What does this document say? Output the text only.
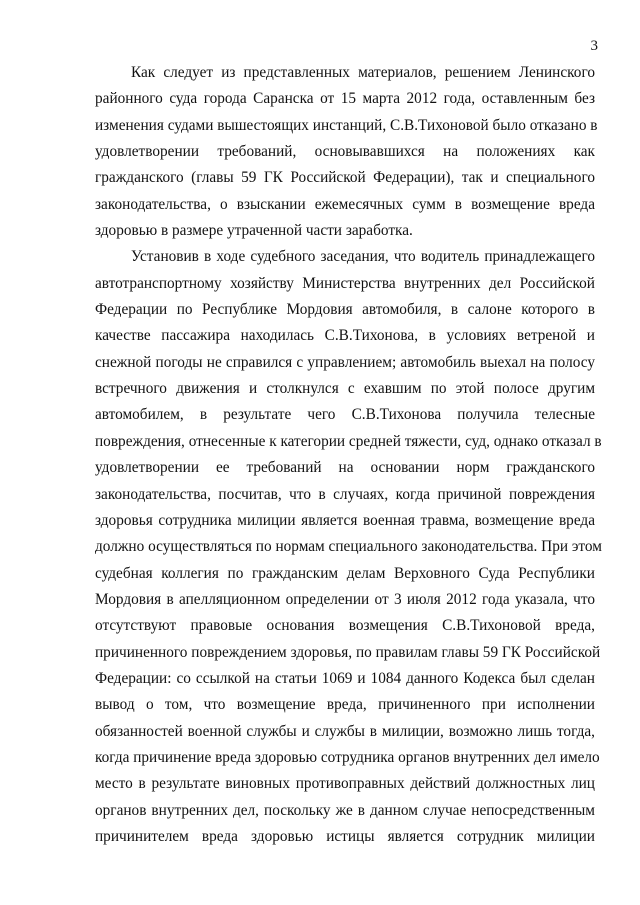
3
Как следует из представленных материалов, решением Ленинского
районного суда города Саранска от 15 марта 2012 года, оставленным без
изменения судами вышестоящих инстанций, С.В.Тихоновой было отказано в
удовлетворении требований, основывавшихся на положениях как
гражданского (главы 59 ГК Российской Федерации), так и специального
законодательства, о взыскании ежемесячных сумм в возмещение вреда
здоровью в размере утраченной части заработка.
Установив в ходе судебного заседания, что водитель принадлежащего
автотранспортному хозяйству Министерства внутренних дел Российской
Федерации по Республике Мордовия автомобиля, в салоне которого в
качестве пассажира находилась С.В.Тихонова, в условиях ветреной и
снежной погоды не справился с управлением; автомобиль выехал на полосу
встречного движения и столкнулся с ехавшим по этой полосе другим
автомобилем, в результате чего С.В.Тихонова получила телесные
повреждения, отнесенные к категории средней тяжести, суд, однако отказал в
удовлетворении ее требований на основании норм гражданского
законодательства, посчитав, что в случаях, когда причиной повреждения
здоровья сотрудника милиции является военная травма, возмещение вреда
должно осуществляться по нормам специального законодательства. При этом
судебная коллегия по гражданским делам Верховного Суда Республики
Мордовия в апелляционном определении от 3 июля 2012 года указала, что
отсутствуют правовые основания возмещения С.В.Тихоновой вреда,
причиненного повреждением здоровья, по правилам главы 59 ГК Российской
Федерации: со ссылкой на статьи 1069 и 1084 данного Кодекса был сделан
вывод о том, что возмещение вреда, причиненного при исполнении
обязанностей военной службы и службы в милиции, возможно лишь тогда,
когда причинение вреда здоровью сотрудника органов внутренних дел имело
место в результате виновных противоправных действий должностных лиц
органов внутренних дел, поскольку же в данном случае непосредственным
причинителем вреда здоровью истицы является сотрудник милиции
